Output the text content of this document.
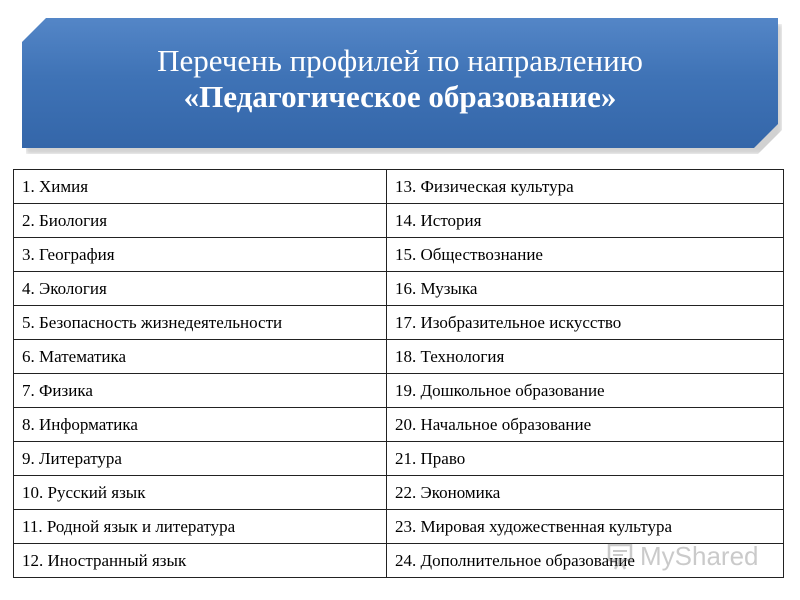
Перечень профилей по направлению
«Педагогическое образование»
1. Химия	13. Физическая культура
2. Биология	14. История
3. География	15. Обществознание
4. Экология	16. Музыка
5. Безопасность жизнедеятельности	17. Изобразительное искусство
6. Математика	18. Технология
7. Физика	19. Дошкольное образование
8. Информатика	20. Начальное образование
9. Литература	21. Право
10. Русский язык	22. Экономика
11. Родной язык и литература	23. Мировая художественная культура
12. Иностранный язык	24. Дополнительное образование MyShared
